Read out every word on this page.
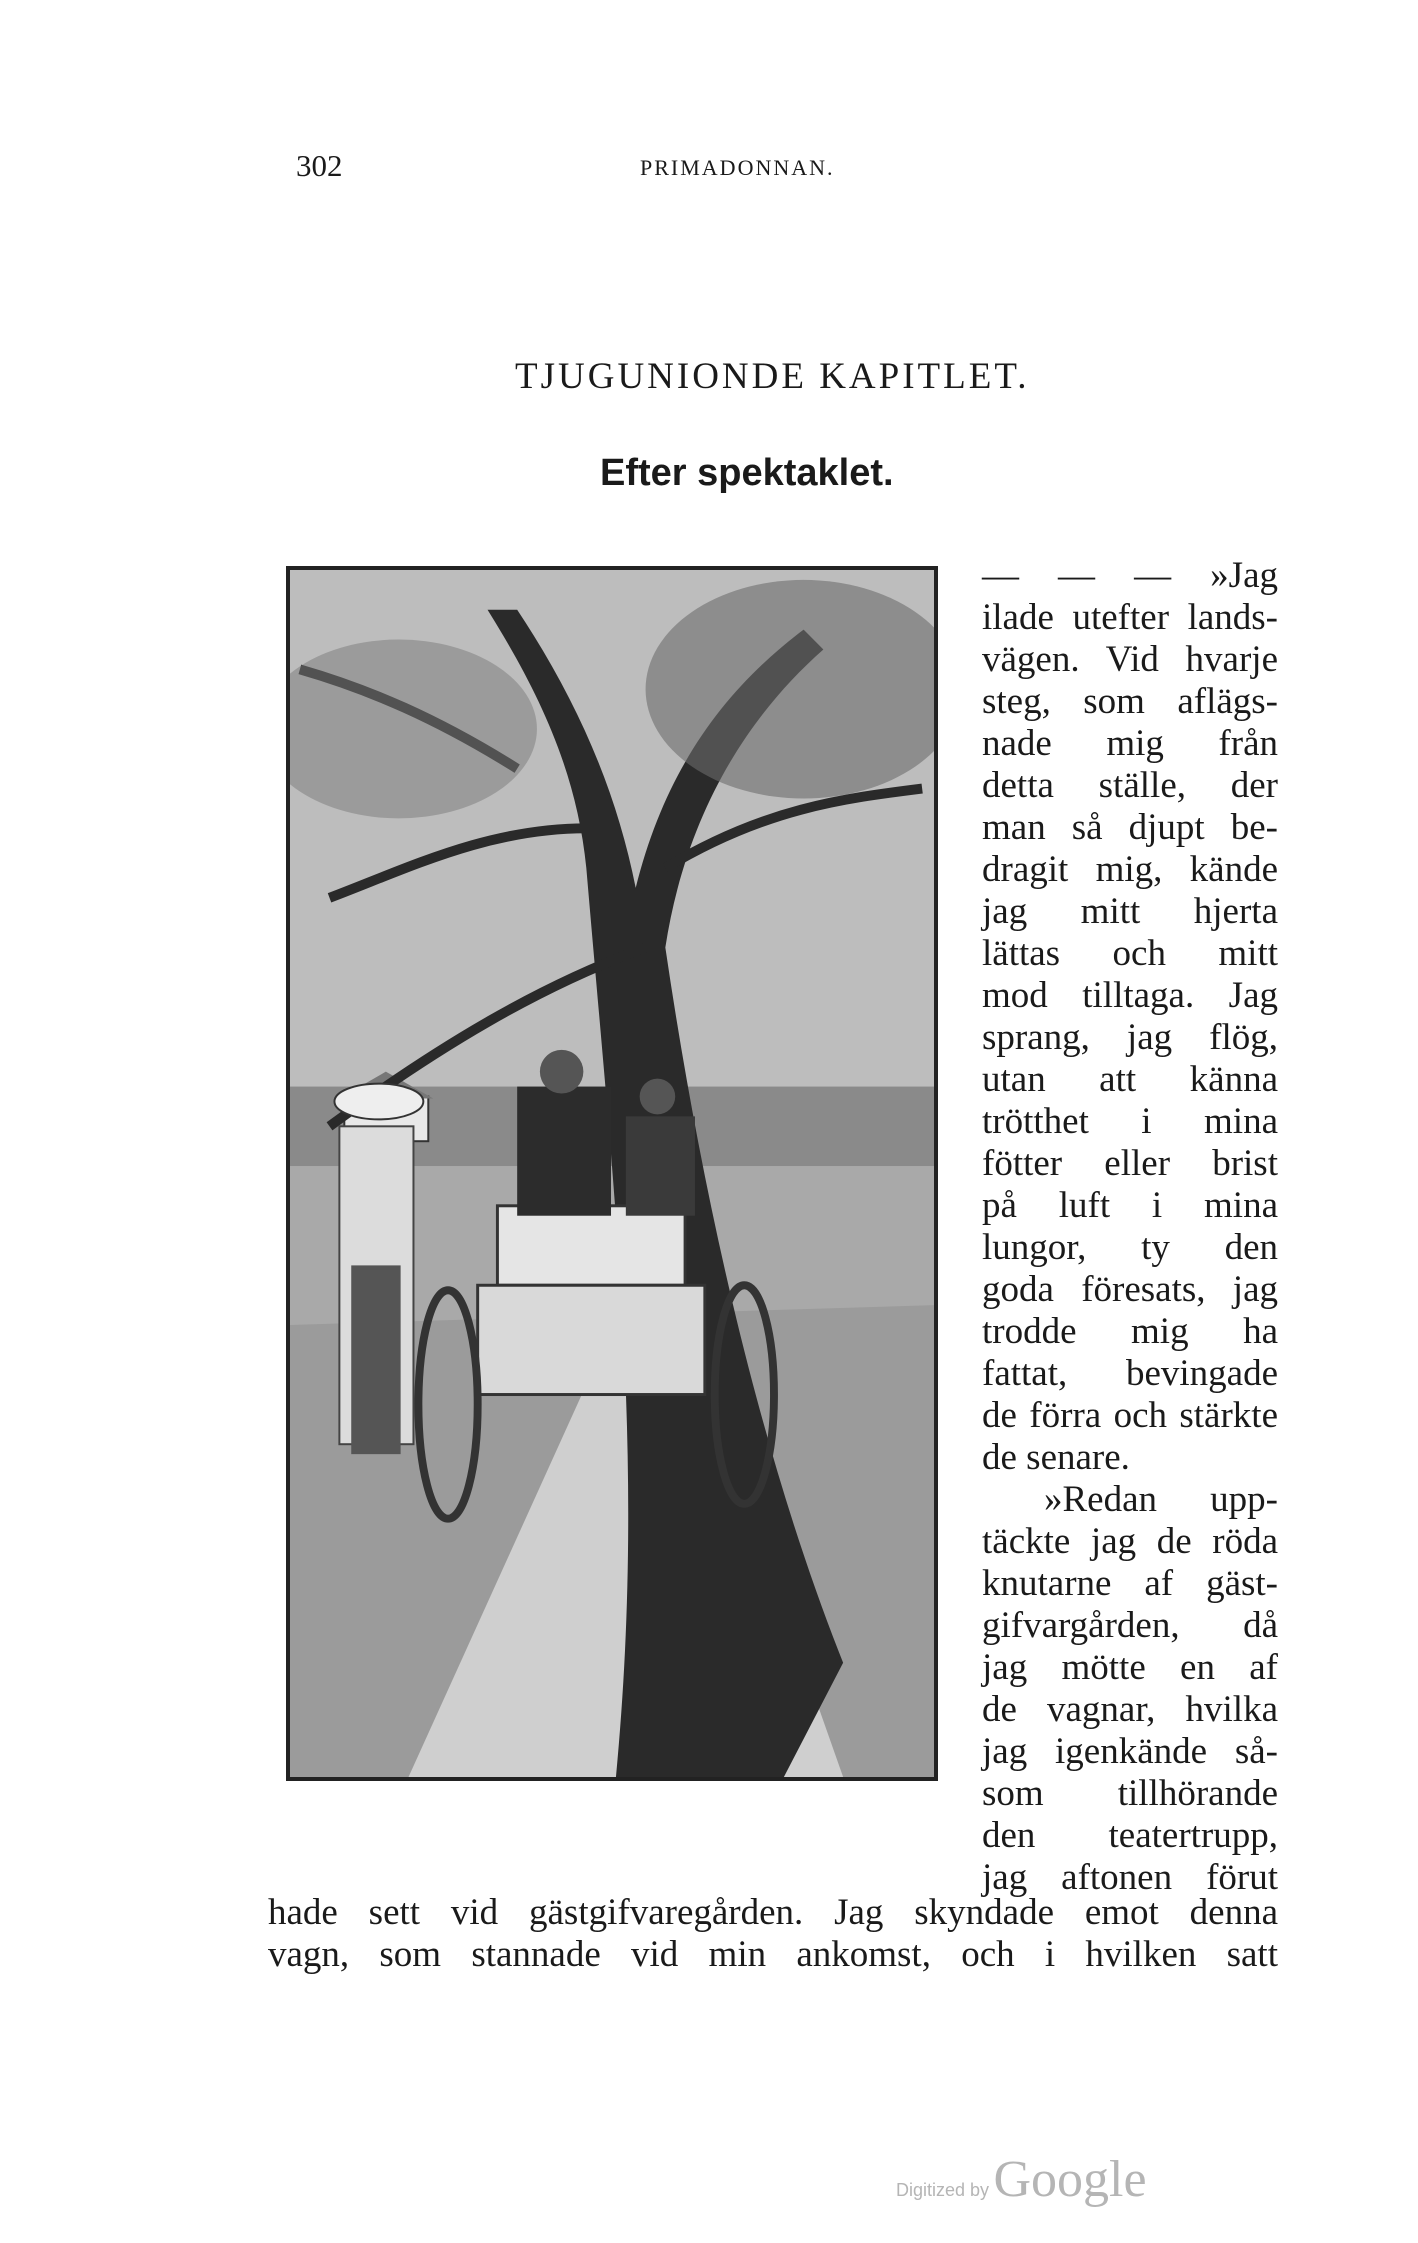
302	PRIMADONNAN.
TJUGUNIONDE KAPITLET.
Efter spektaklet.
— — — »Jag
ilade utefter lands-
vägen. Vid hvarje
steg, som aflägs-
nade mig från
detta ställe, der
man så djupt be-
dragit mig, kände
jag mitt hjerta
lättas och mitt
mod tilltaga. Jag
sprang, jag flög,
utan att känna
trötthet i mina
fötter eller brist
på luft i mina
lungor, ty den
goda föresats, jag
trodde mig ha
fattat, bevingade
de förra och stärkte
de senare.
»Redan upp-
täckte jag de röda
knutarne af gäst-
gifvargården, då
jag mötte en af
de vagnar, hvilka
jag igenkände så-
som tillhörande
den teatertrupp,
jag aftonen förut
hade sett vid gästgifvaregården. Jag skyndade emot denna
vagn, som stannade vid min ankomst, och i hvilken satt
Digitized by Google
